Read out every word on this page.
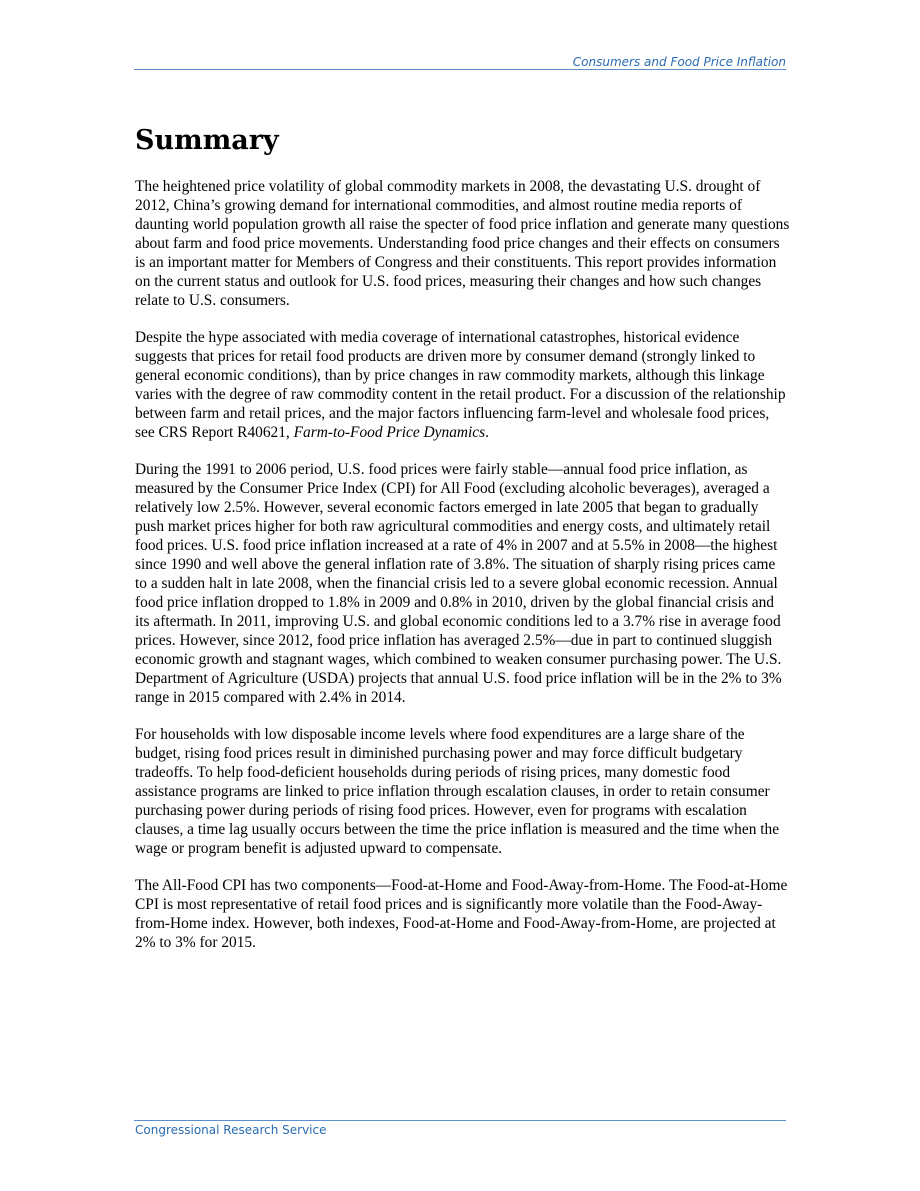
Consumers and Food Price Inflation
Summary

The heightened price volatility of global commodity markets in 2008, the devastating U.S. drought of 2012, China’s growing demand for international commodities, and almost routine media reports of daunting world population growth all raise the specter of food price inflation and generate many questions about farm and food price movements. Understanding food price changes and their effects on consumers is an important matter for Members of Congress and their constituents. This report provides information on the current status and outlook for U.S. food prices, measuring their changes and how such changes relate to U.S. consumers.

Despite the hype associated with media coverage of international catastrophes, historical evidence suggests that prices for retail food products are driven more by consumer demand (strongly linked to general economic conditions), than by price changes in raw commodity markets, although this linkage varies with the degree of raw commodity content in the retail product. For a discussion of the relationship between farm and retail prices, and the major factors influencing farm-level and wholesale food prices, see CRS Report R40621, Farm-to-Food Price Dynamics.

During the 1991 to 2006 period, U.S. food prices were fairly stable—annual food price inflation, as measured by the Consumer Price Index (CPI) for All Food (excluding alcoholic beverages), averaged a relatively low 2.5%. However, several economic factors emerged in late 2005 that began to gradually push market prices higher for both raw agricultural commodities and energy costs, and ultimately retail food prices. U.S. food price inflation increased at a rate of 4% in 2007 and at 5.5% in 2008—the highest since 1990 and well above the general inflation rate of 3.8%. The situation of sharply rising prices came to a sudden halt in late 2008, when the financial crisis led to a severe global economic recession. Annual food price inflation dropped to 1.8% in 2009 and 0.8% in 2010, driven by the global financial crisis and its aftermath. In 2011, improving U.S. and global economic conditions led to a 3.7% rise in average food prices. However, since 2012, food price inflation has averaged 2.5%—due in part to continued sluggish economic growth and stagnant wages, which combined to weaken consumer purchasing power. The U.S. Department of Agriculture (USDA) projects that annual U.S. food price inflation will be in the 2% to 3% range in 2015 compared with 2.4% in 2014.

For households with low disposable income levels where food expenditures are a large share of the budget, rising food prices result in diminished purchasing power and may force difficult budgetary tradeoffs. To help food-deficient households during periods of rising prices, many domestic food assistance programs are linked to price inflation through escalation clauses, in order to retain consumer purchasing power during periods of rising food prices. However, even for programs with escalation clauses, a time lag usually occurs between the time the price inflation is measured and the time when the wage or program benefit is adjusted upward to compensate.

The All-Food CPI has two components—Food-at-Home and Food-Away-from-Home. The Food-at-Home CPI is most representative of retail food prices and is significantly more volatile than the Food-Away-from-Home index. However, both indexes, Food-at-Home and Food-Away-from-Home, are projected at 2% to 3% for 2015.

Congressional Research Service
